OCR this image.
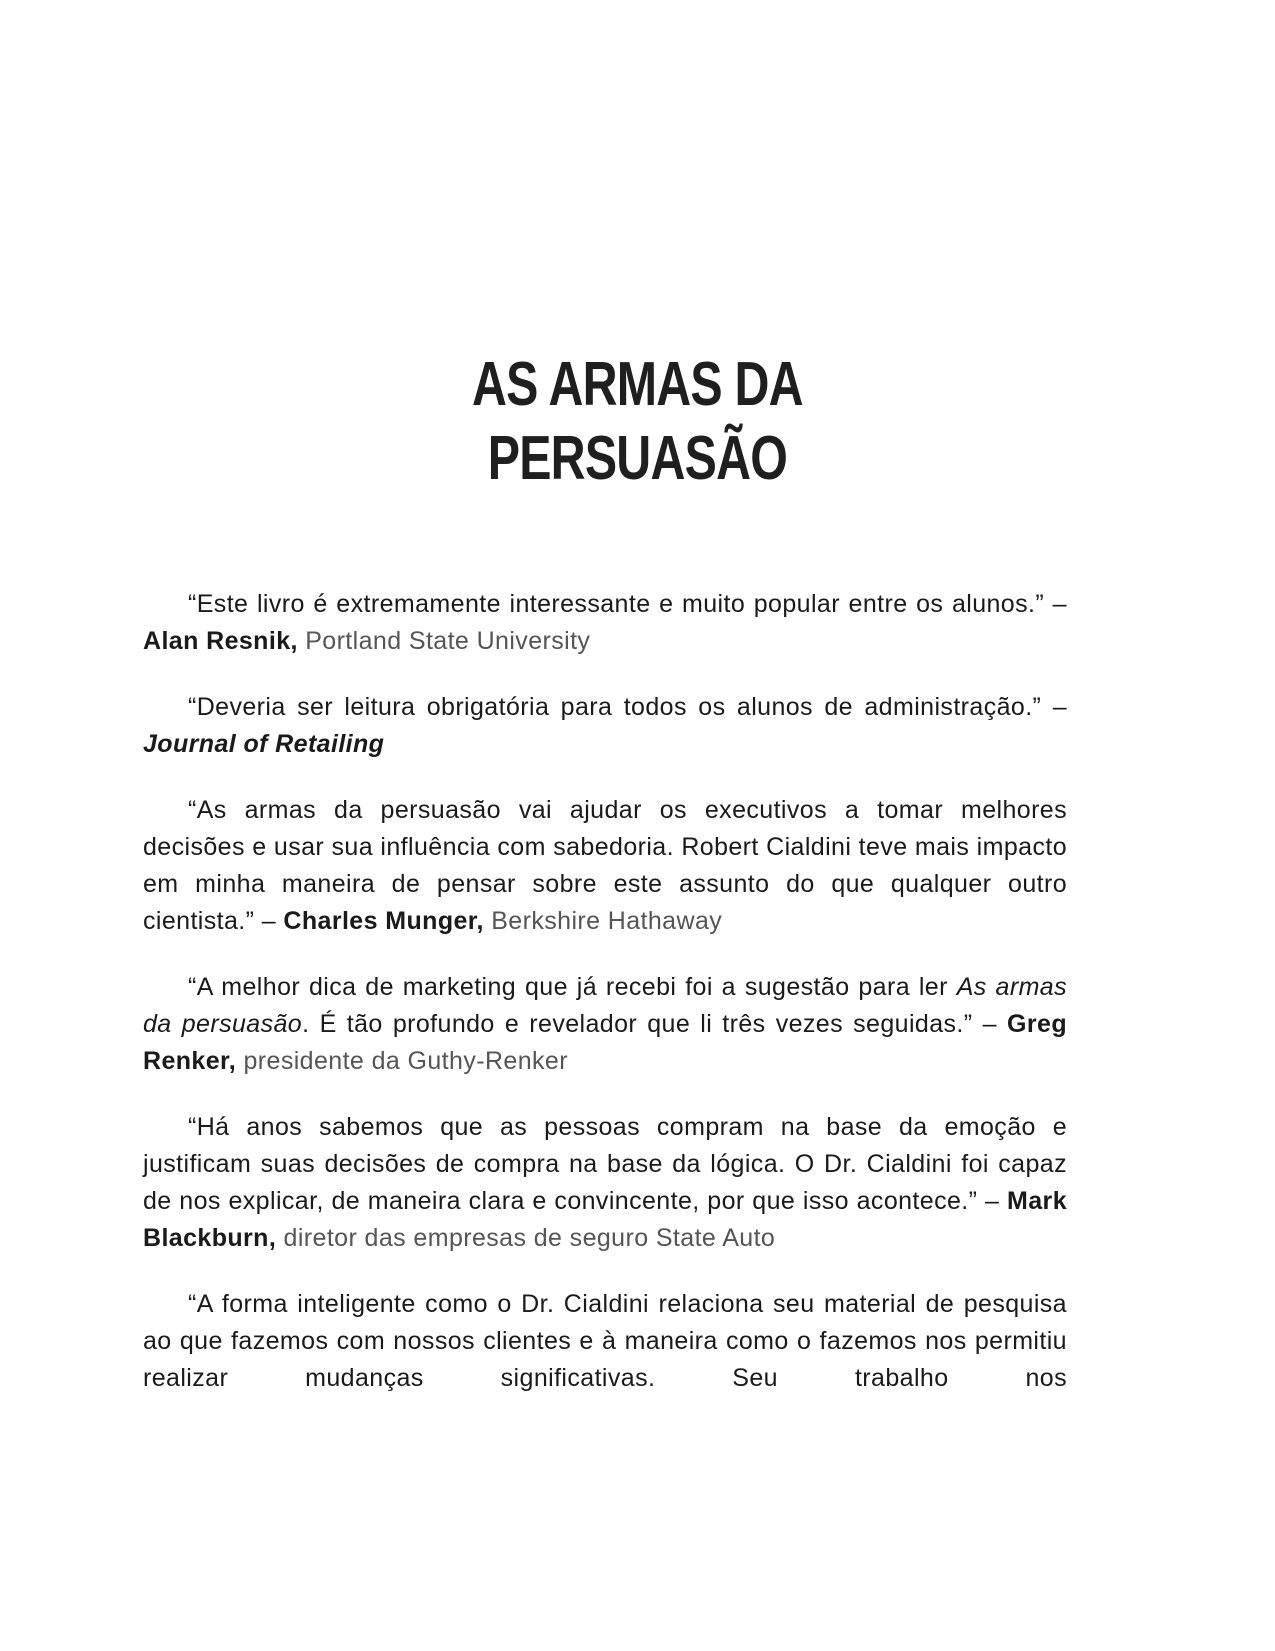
AS ARMAS DA
PERSUASÃO

“Este livro é extremamente interessante e muito popular entre os alunos.” – Alan Resnik, Portland State University

“Deveria ser leitura obrigatória para todos os alunos de administração.” – Journal of Retailing

“As armas da persuasão vai ajudar os executivos a tomar melhores decisões e usar sua influência com sabedoria. Robert Cialdini teve mais impacto em minha maneira de pensar sobre este assunto do que qualquer outro cientista.” – Charles Munger, Berkshire Hathaway

“A melhor dica de marketing que já recebi foi a sugestão para ler As armas da persuasão. É tão profundo e revelador que li três vezes seguidas.” – Greg Renker, presidente da Guthy-Renker

“Há anos sabemos que as pessoas compram na base da emoção e justificam suas decisões de compra na base da lógica. O Dr. Cialdini foi capaz de nos explicar, de maneira clara e convincente, por que isso acontece.” – Mark Blackburn, diretor das empresas de seguro State Auto

“A forma inteligente como o Dr. Cialdini relaciona seu material de pesquisa ao que fazemos com nossos clientes e à maneira como o fazemos nos permitiu realizar mudanças significativas. Seu trabalho nos
